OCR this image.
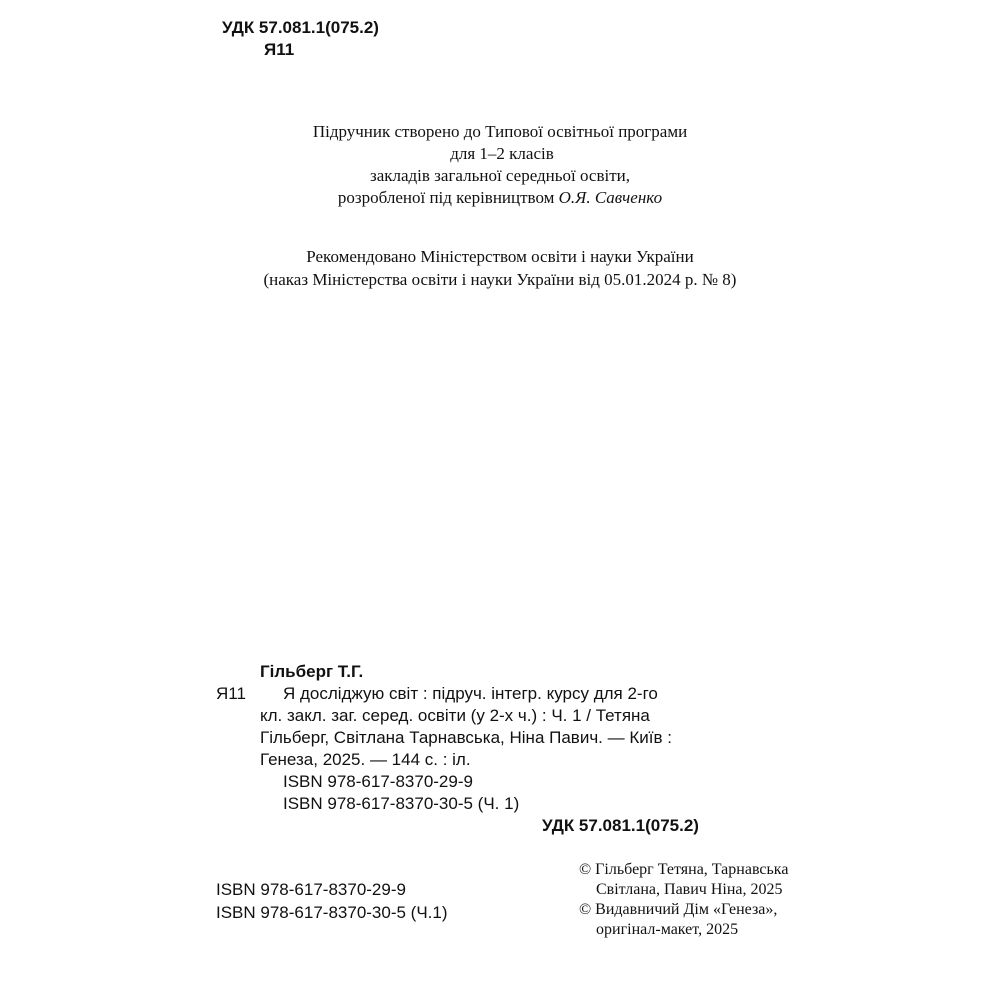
УДК 57.081.1(075.2)
Я11
Підручник створено до Типової освітньої програми
для 1–2 класів
закладів загальної середньої освіти,
розробленої під керівництвом О.Я. Савченко
Рекомендовано Міністерством освіти і науки України
(наказ Міністерства освіти і науки України від 05.01.2024 р. № 8)
Гільберг Т.Г.
Я11 Я досліджую світ : підруч. інтегр. курсу для 2-го
кл. закл. заг. серед. освіти (у 2-х ч.) : Ч. 1 / Тетяна
Гільберг, Світлана Тарнавська, Ніна Павич. — Київ :
Генеза, 2025. — 144 с. : іл.
ISBN 978-617-8370-29-9
ISBN 978-617-8370-30-5 (Ч. 1)
УДК 57.081.1(075.2)
ISBN 978-617-8370-29-9
ISBN 978-617-8370-30-5 (Ч.1)
© Гільберг Тетяна, Тарнавська
Світлана, Павич Ніна, 2025
© Видавничий Дім «Генеза»,
оригінал-макет, 2025
